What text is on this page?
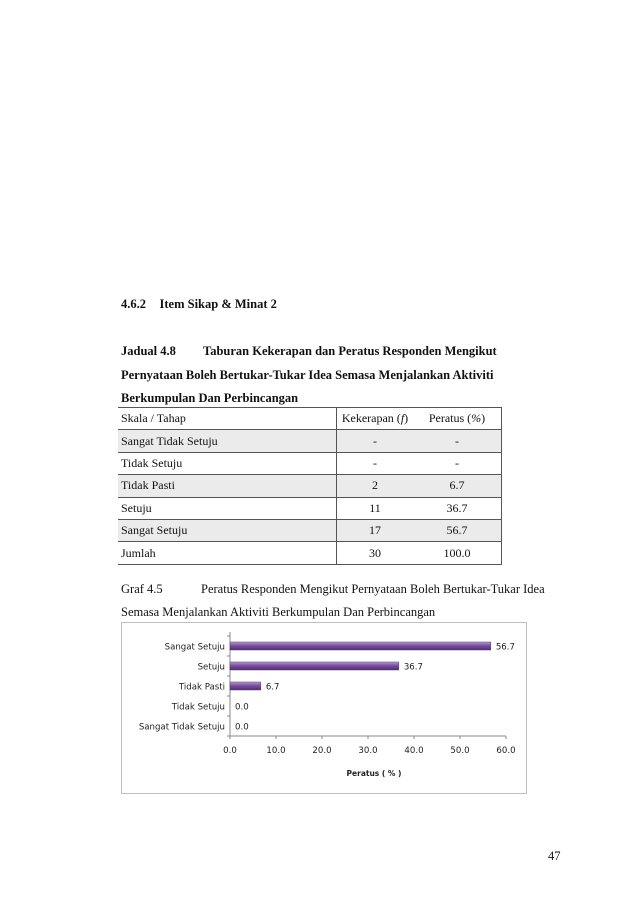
4.6.2 Item Sikap & Minat 2
Jadual 4.8 Taburan Kekerapan dan Peratus Responden Mengikut
Pernyataan Boleh Bertukar-Tukar Idea Semasa Menjalankan Aktiviti
Berkumpulan Dan Perbincangan
Skala / Tahap	Kekerapan (f)	Peratus (%)
Sangat Tidak Setuju	-	-
Tidak Setuju	-	-
Tidak Pasti	2	6.7
Setuju	11	36.7
Sangat Setuju	17	56.7
Jumlah	30	100.0
Graf 4.5	Peratus Responden Mengikut Pernyataan Boleh Bertukar-Tukar Idea
Semasa Menjalankan Aktiviti Berkumpulan Dan Perbincangan
Sangat Setuju	56.7
Setuju	36.7
Tidak Pasti	6.7
Tidak Setuju 0.0
Sangat Tidak Setuju 0.0
0.0	10.0	20.0	30.0	40.0	50.0	60.0
Peratus ( % )
47
